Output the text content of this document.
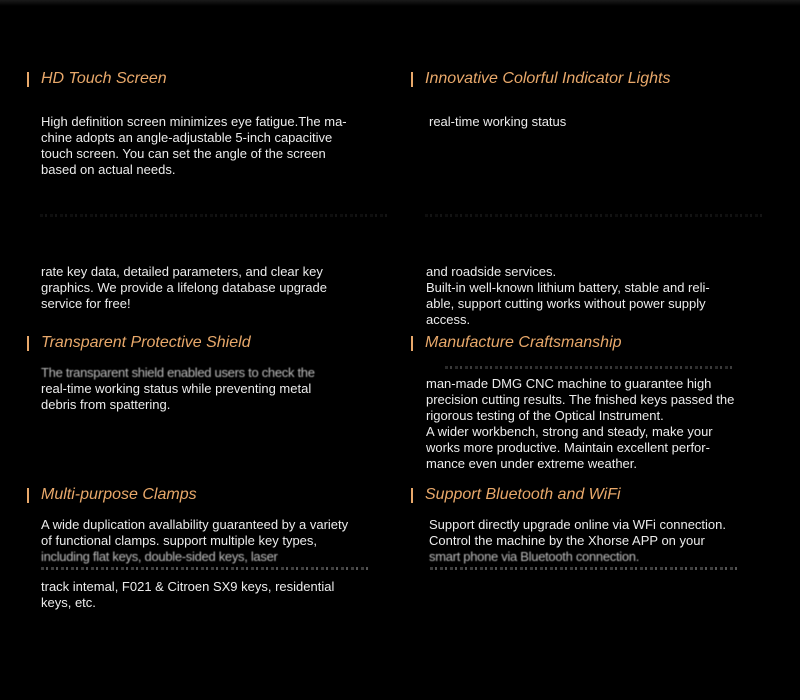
HD Touch Screen
High definition screen minimizes eye fatigue.The ma-
chine adopts an angle-adjustable 5-inch capacitive
touch screen. You can set the angle of the screen
based on actual needs.
Innovative Colorful Indicator Lights
real-time working status
rate key data, detailed parameters, and clear key
graphics. We provide a lifelong database upgrade
service for free!
and roadside services.
Built-in well-known lithium battery, stable and reli-
able, support cutting works without power supply
access.
Transparent Protective Shield
The transparent shield enabled users to check the
real-time working status while preventing metal
debris from spattering.
Manufacture Craftsmanship
man-made DMG CNC machine to guarantee high
precision cutting results. The fnished keys passed the
rigorous testing of the Optical Instrument.
A wider workbench, strong and steady, make your
works more productive. Maintain excellent perfor-
mance even under extreme weather.
Multi-purpose Clamps
A wide duplication avallability guaranteed by a variety
of functional clamps. support multiple key types,
including flat keys, double-sided keys, laser
track intemal, F021 & Citroen SX9 keys, residential
keys, etc.
Support Bluetooth and WiFi
Support directly upgrade online via WFi connection.
Control the machine by the Xhorse APP on your
smart phone via Bluetooth connection.
